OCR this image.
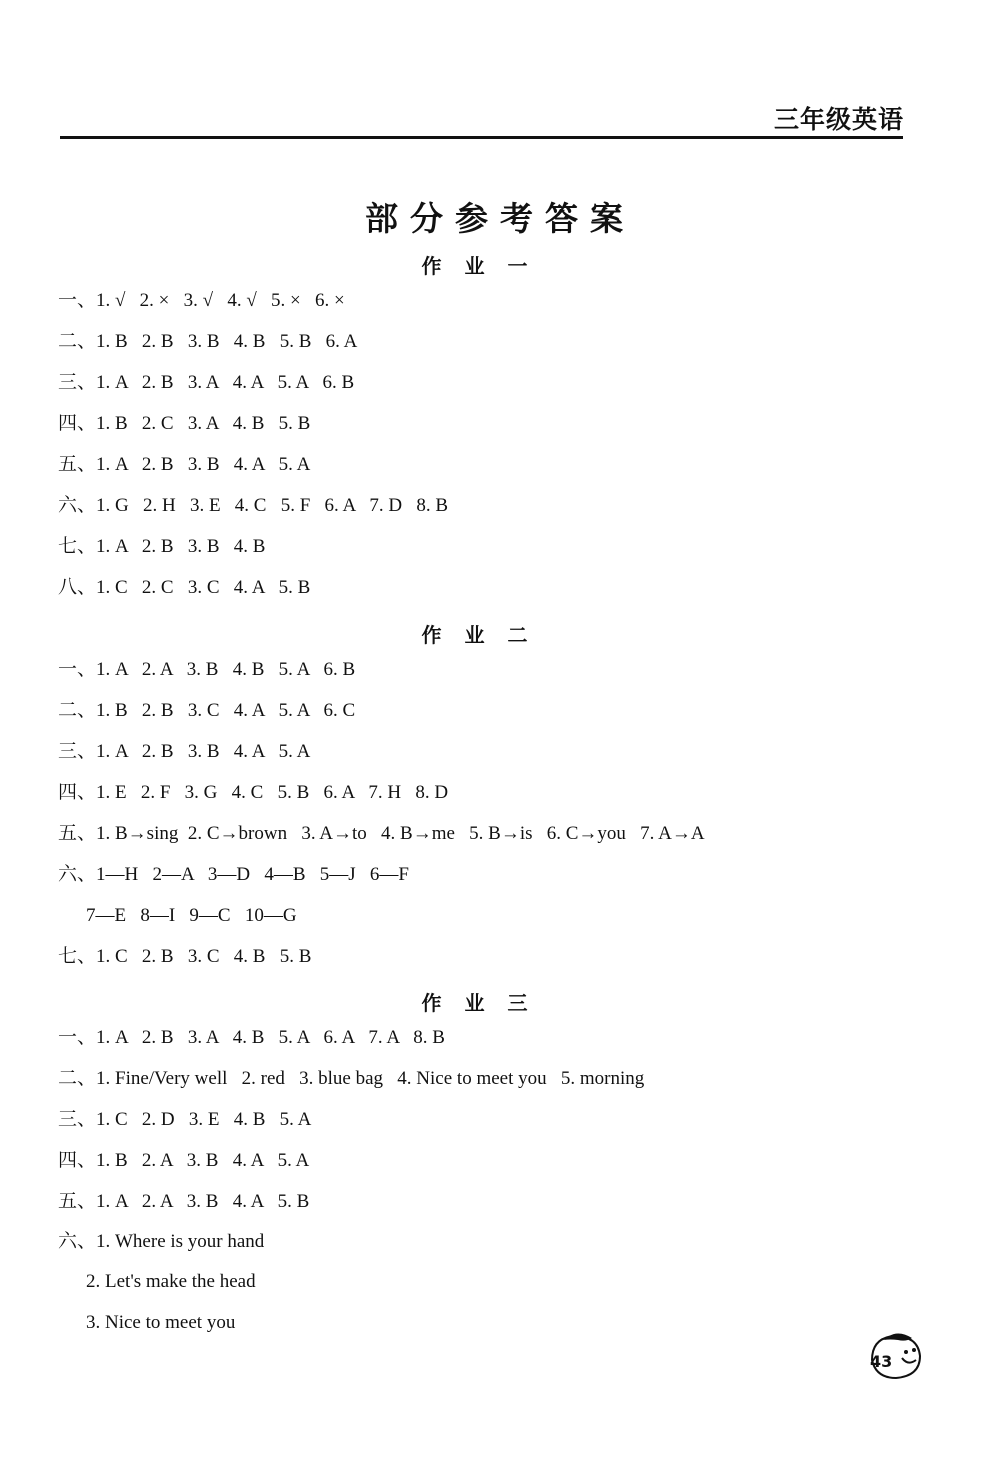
三年级英语
部分参考答案
作 业 一
一、1. √   2. ×   3. √   4. √   5. ×   6. ×
二、1. B   2. B   3. B   4. B   5. B   6. A
三、1. A   2. B   3. A   4. A   5. A   6. B
四、1. B   2. C   3. A   4. B   5. B
五、1. A   2. B   3. B   4. A   5. A
六、1. G   2. H   3. E   4. C   5. F   6. A   7. D   8. B
七、1. A   2. B   3. B   4. B
八、1. C   2. C   3. C   4. A   5. B
作 业 二
一、1. A   2. A   3. B   4. B   5. A   6. B
二、1. B   2. B   3. C   4. A   5. A   6. C
三、1. A   2. B   3. B   4. A   5. A
四、1. E   2. F   3. G   4. C   5. B   6. A   7. H   8. D
五、1. B→sing  2. C→brown   3. A→to   4. B→me   5. B→is   6. C→you   7. A→A
六、1—H   2—A   3—D   4—B   5—J   6—F
7—E   8—I   9—C   10—G
七、1. C   2. B   3. C   4. B   5. B
作 业 三
一、1. A   2. B   3. A   4. B   5. A   6. A   7. A   8. B
二、1. Fine/Very well   2. red   3. blue bag   4. Nice to meet you   5. morning
三、1. C   2. D   3. E   4. B   5. A
四、1. B   2. A   3. B   4. A   5. A
五、1. A   2. A   3. B   4. A   5. B
六、1. Where is your hand
2. Let's make the head
3. Nice to meet you
43
